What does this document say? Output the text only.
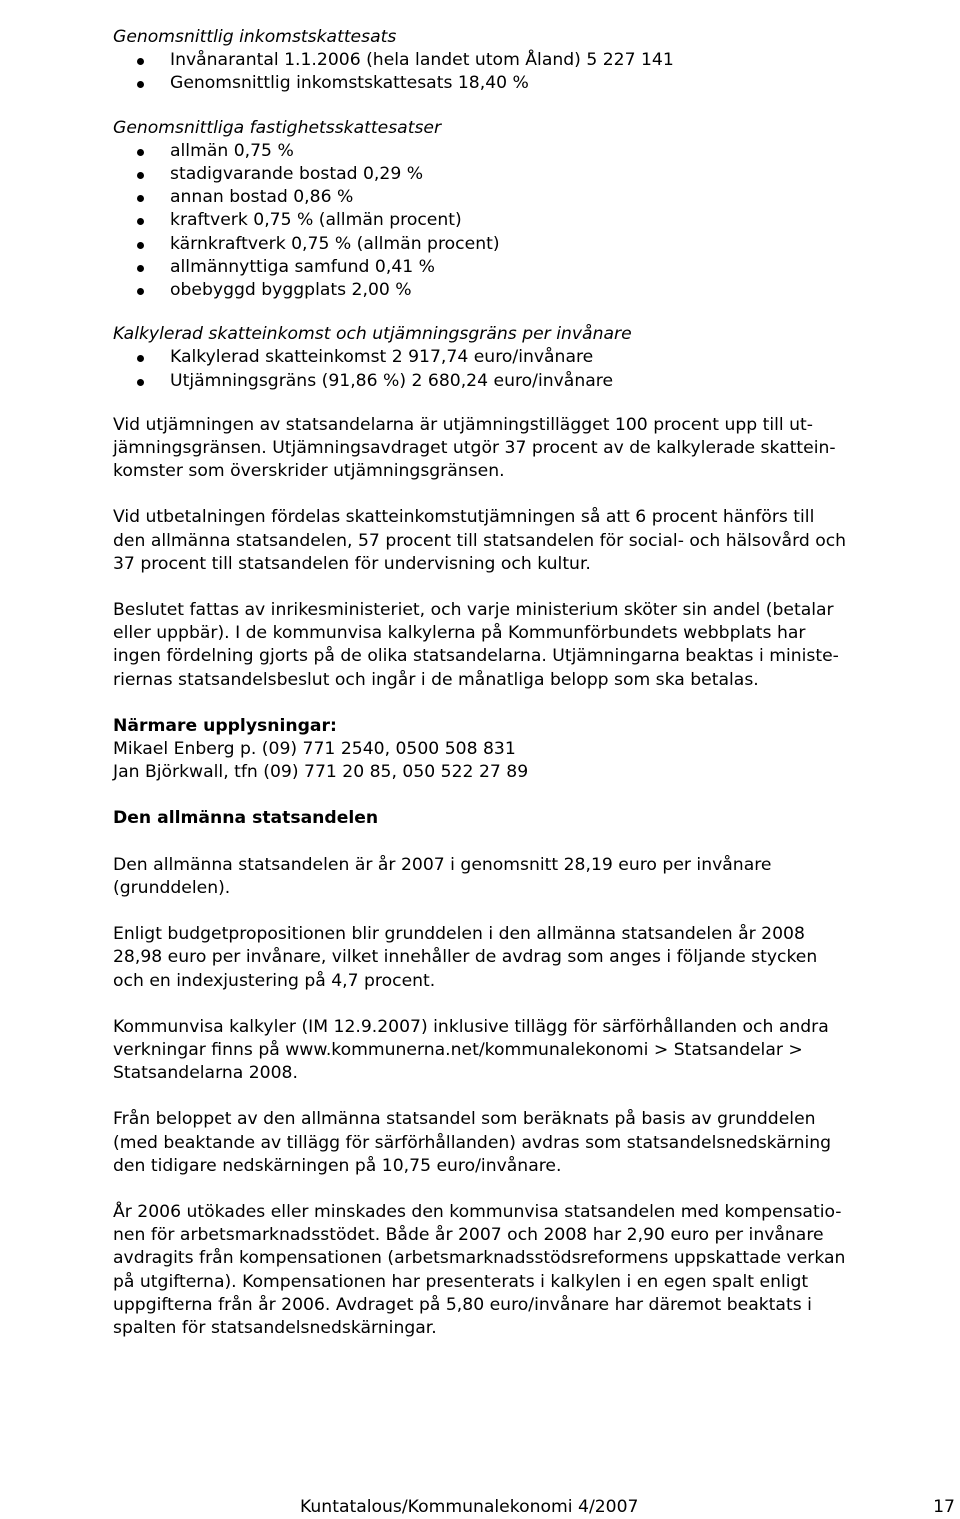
Genomsnittlig inkomstskattesats

Invånarantal 1.1.2006 (hela landet utom Åland) 5 227 141
Genomsnittlig inkomstskattesats 18,40 %

Genomsnittliga fastighetsskattesatser

allmän 0,75 %
stadigvarande bostad 0,29 %
annan bostad 0,86 %
kraftverk 0,75 % (allmän procent)
kärnkraftverk 0,75 % (allmän procent)
allmännyttiga samfund 0,41 %
obebyggd byggplats 2,00 %

Kalkylerad skatteinkomst och utjämningsgräns per invånare

Kalkylerad skatteinkomst 2 917,74 euro/invånare
Utjämningsgräns (91,86 %) 2 680,24 euro/invånare

Vid utjämningen av statsandelarna är utjämningstillägget 100 procent upp till ut-
jämningsgränsen. Utjämningsavdraget utgör 37 procent av de kalkylerade skattein-
komster som överskrider utjämningsgränsen.

Vid utbetalningen fördelas skatteinkomstutjämningen så att 6 procent hänförs till
den allmänna statsandelen, 57 procent till statsandelen för social- och hälsovård och
37 procent till statsandelen för undervisning och kultur.

Beslutet fattas av inrikesministeriet, och varje ministerium sköter sin andel (betalar
eller uppbär). I de kommunvisa kalkylerna på Kommunförbundets webbplats har
ingen fördelning gjorts på de olika statsandelarna. Utjämningarna beaktas i ministe-
riernas statsandelsbeslut och ingår i de månatliga belopp som ska betalas.

Närmare upplysningar:

Mikael Enberg p. (09) 771 2540, 0500 508 831

Jan Björkwall, tfn (09) 771 20 85, 050 522 27 89

Den allmänna statsandelen

Den allmänna statsandelen är år 2007 i genomsnitt 28,19 euro per invånare
(grunddelen).

Enligt budgetpropositionen blir grunddelen i den allmänna statsandelen år 2008
28,98 euro per invånare, vilket innehåller de avdrag som anges i följande stycken
och en indexjustering på 4,7 procent.

Kommunvisa kalkyler (IM 12.9.2007) inklusive tillägg för särförhållanden och andra
verkningar finns på www.kommunerna.net/kommunalekonomi > Statsandelar >
Statsandelarna 2008.

Från beloppet av den allmänna statsandel som beräknats på basis av grunddelen
(med beaktande av tillägg för särförhållanden) avdras som statsandelsnedskärning
den tidigare nedskärningen på 10,75 euro/invånare.

År 2006 utökades eller minskades den kommunvisa statsandelen med kompensatio-
nen för arbetsmarknadsstödet. Både år 2007 och 2008 har 2,90 euro per invånare
avdragits från kompensationen (arbetsmarknadsstödsreformens uppskattade verkan
på utgifterna). Kompensationen har presenterats i kalkylen i en egen spalt enligt
uppgifterna från år 2006. Avdraget på 5,80 euro/invånare har däremot beaktats i
spalten för statsandelsnedskärningar.

Kuntatalous/Kommunalekonomi 4/2007	17
